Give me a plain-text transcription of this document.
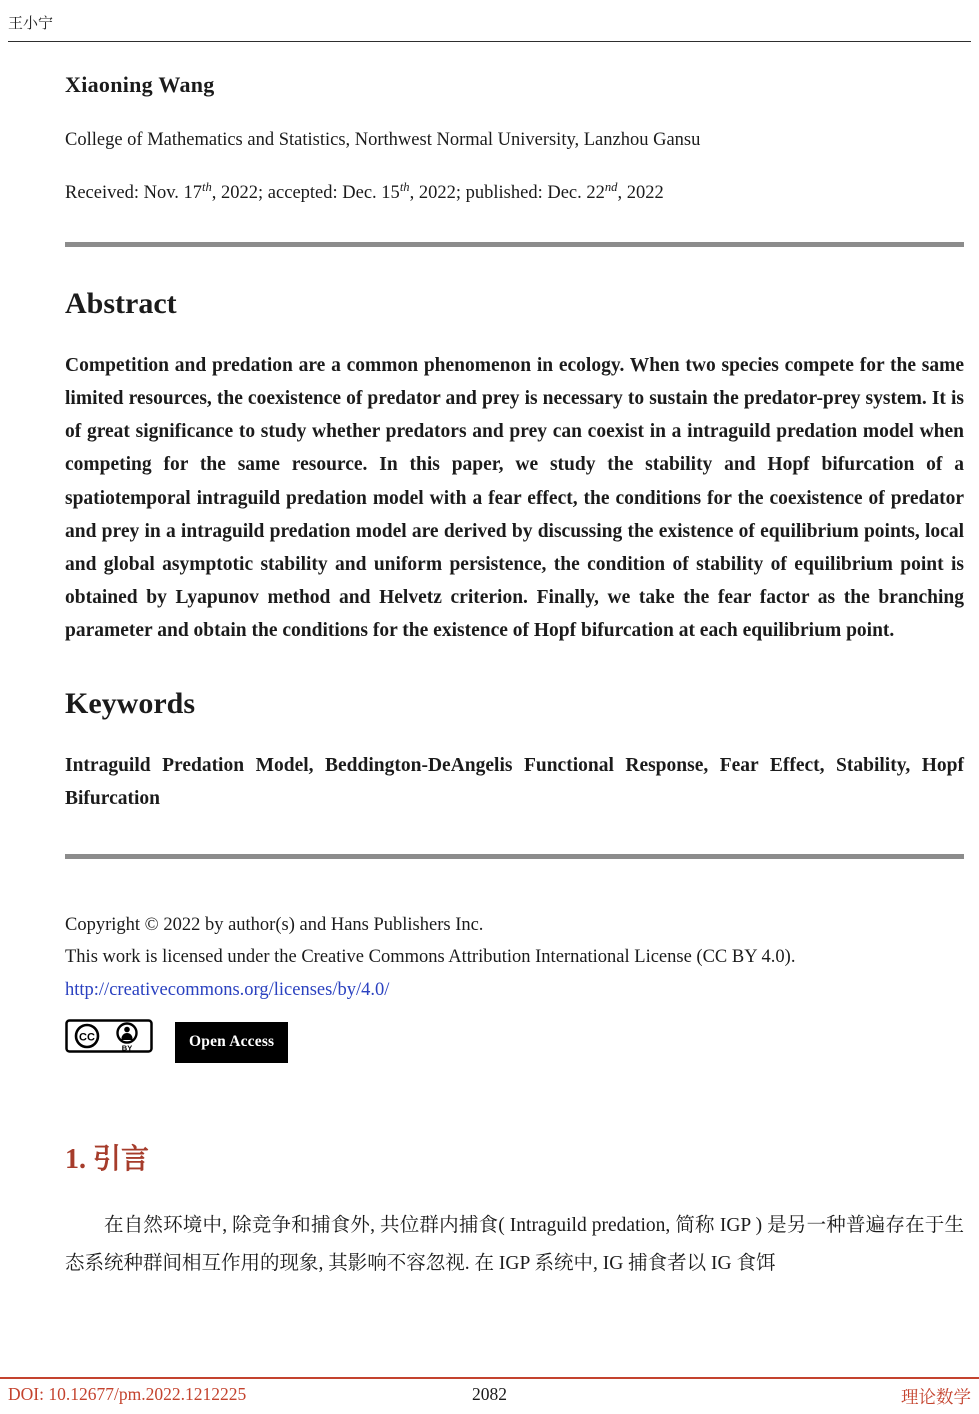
王小宁
Xiaoning Wang

College of Mathematics and Statistics, Northwest Normal University, Lanzhou Gansu

Received: Nov. 17th, 2022; accepted: Dec. 15th, 2022; published: Dec. 22nd, 2022

Abstract

Competition and predation are a common phenomenon in ecology. When two species compete for the same limited resources, the coexistence of predator and prey is necessary to sustain the predator-prey system. It is of great significance to study whether predators and prey can coexist in a intraguild predation model when competing for the same resource. In this paper, we study the stability and Hopf bifurcation of a spatiotemporal intraguild predation model with a fear effect, the conditions for the coexistence of predator and prey in a intraguild predation model are derived by discussing the existence of equilibrium points, local and global asymptotic stability and uniform persistence, the condition of stability of equilibrium point is obtained by Lyapunov method and Helvetz criterion. Finally, we take the fear factor as the branching parameter and obtain the conditions for the existence of Hopf bifurcation at each equilibrium point.

Keywords

Intraguild Predation Model, Beddington-DeAngelis Functional Response, Fear Effect, Stability, Hopf Bifurcation

Copyright © 2022 by author(s) and Hans Publishers Inc.
This work is licensed under the Creative Commons Attribution International License (CC BY 4.0).
http://creativecommons.org/licenses/by/4.0/
CC
BY	Open Access
1. 引言

在自然环境中, 除竞争和捕食外, 共位群内捕食( Intraguild predation, 简称 IGP ) 是另一种普遍存在于生态系统种群间相互作用的现象, 其影响不容忽视. 在 IGP 系统中, IG 捕食者以 IG 食饵

DOI: 10.12677/pm.2022.1212225	2082	理论数学
